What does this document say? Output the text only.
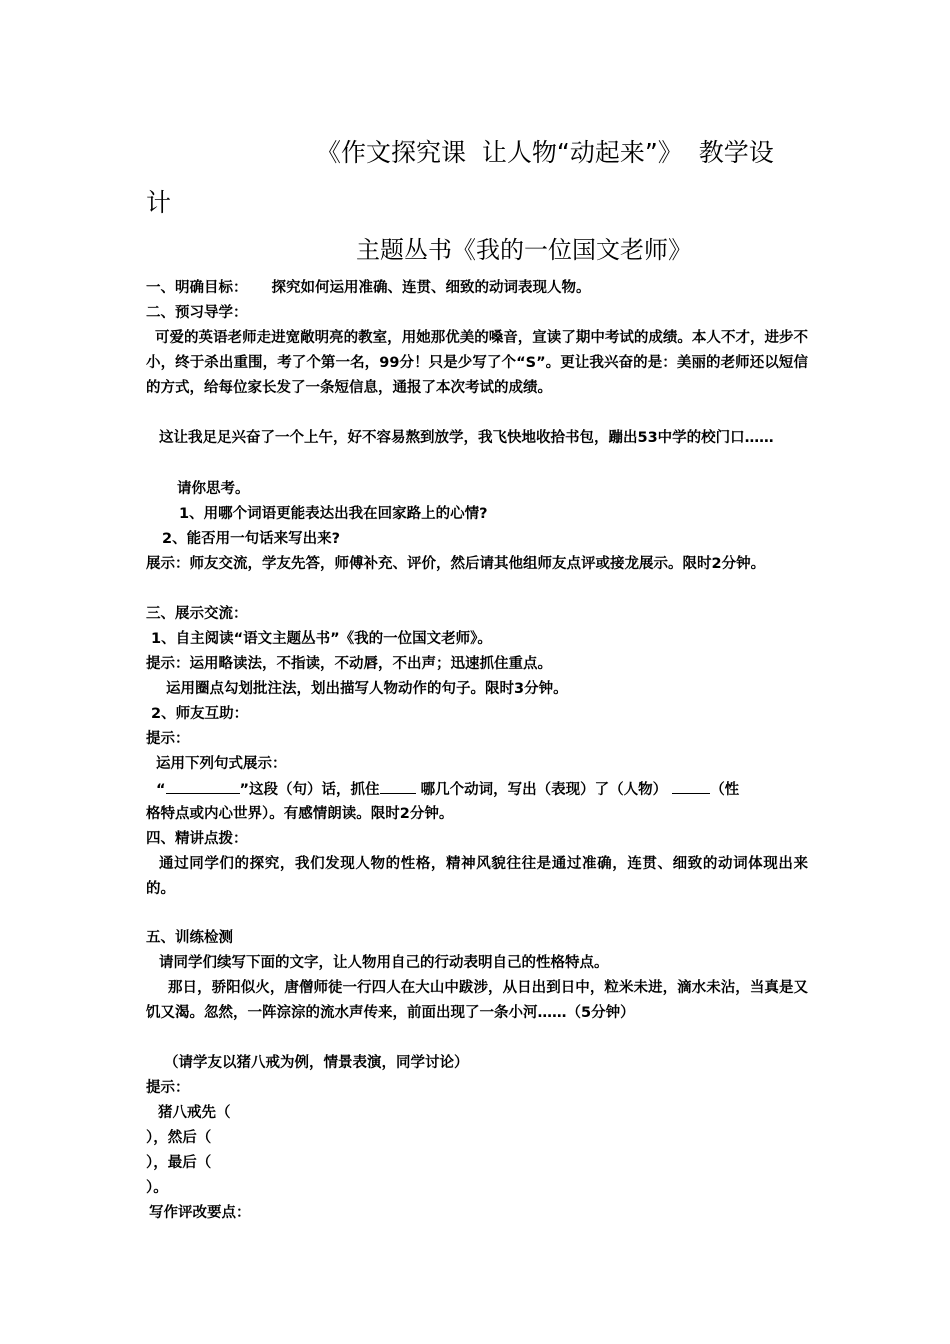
《作文探究课  让人物“动起来”》  教学设
计
主题丛书《我的一位国文老师》
一、明确目标： 探究如何运用准确、连贯、细致的动词表现人物。
二、预习导学：
可爱的英语老师走进宽敞明亮的教室，用她那优美的嗓音，宣读了期中考试的成绩。本人不才，进步不小，终于杀出重围，考了个第一名，99分！只是少写了个“S”。更让我兴奋的是：美丽的老师还以短信的方式，给每位家长发了一条短信息，通报了本次考试的成绩。
这让我足足兴奋了一个上午，好不容易熬到放学，我飞快地收拾书包，蹦出53中学的校门口……
请你思考。
1、用哪个词语更能表达出我在回家路上的心情?
2、能否用一句话来写出来?
展示：师友交流，学友先答，师傅补充、评价，然后请其他组师友点评或接龙展示。限时2分钟。
三、展示交流：
1、自主阅读“语文主题丛书”《我的一位国文老师》。
提示：运用略读法，不指读，不动唇，不出声；迅速抓住重点。
运用圈点勾划批注法，划出描写人物动作的句子。限时3分钟。
2、师友互助：
提示：
运用下列句式展示：
“	”这段（句）话，抓住	哪几个动词，写出（表现）了（人物）	（性
格特点或内心世界）。有感情朗读。限时2分钟。
四、精讲点拨：
通过同学们的探究，我们发现人物的性格，精神风貌往往是通过准确，连贯、细致的动词体现出来的。
五、训练检测
请同学们续写下面的文字，让人物用自己的行动表明自己的性格特点。
那日，骄阳似火，唐僧师徒一行四人在大山中跋涉，从日出到日中，粒米未进，滴水未沾，当真是又饥又渴。忽然，一阵淙淙的流水声传来，前面出现了一条小河……（5分钟）
（请学友以猪八戒为例，情景表演，同学讨论）
提示：
猪八戒先（
），然后（
），最后（
）。
写作评改要点：
